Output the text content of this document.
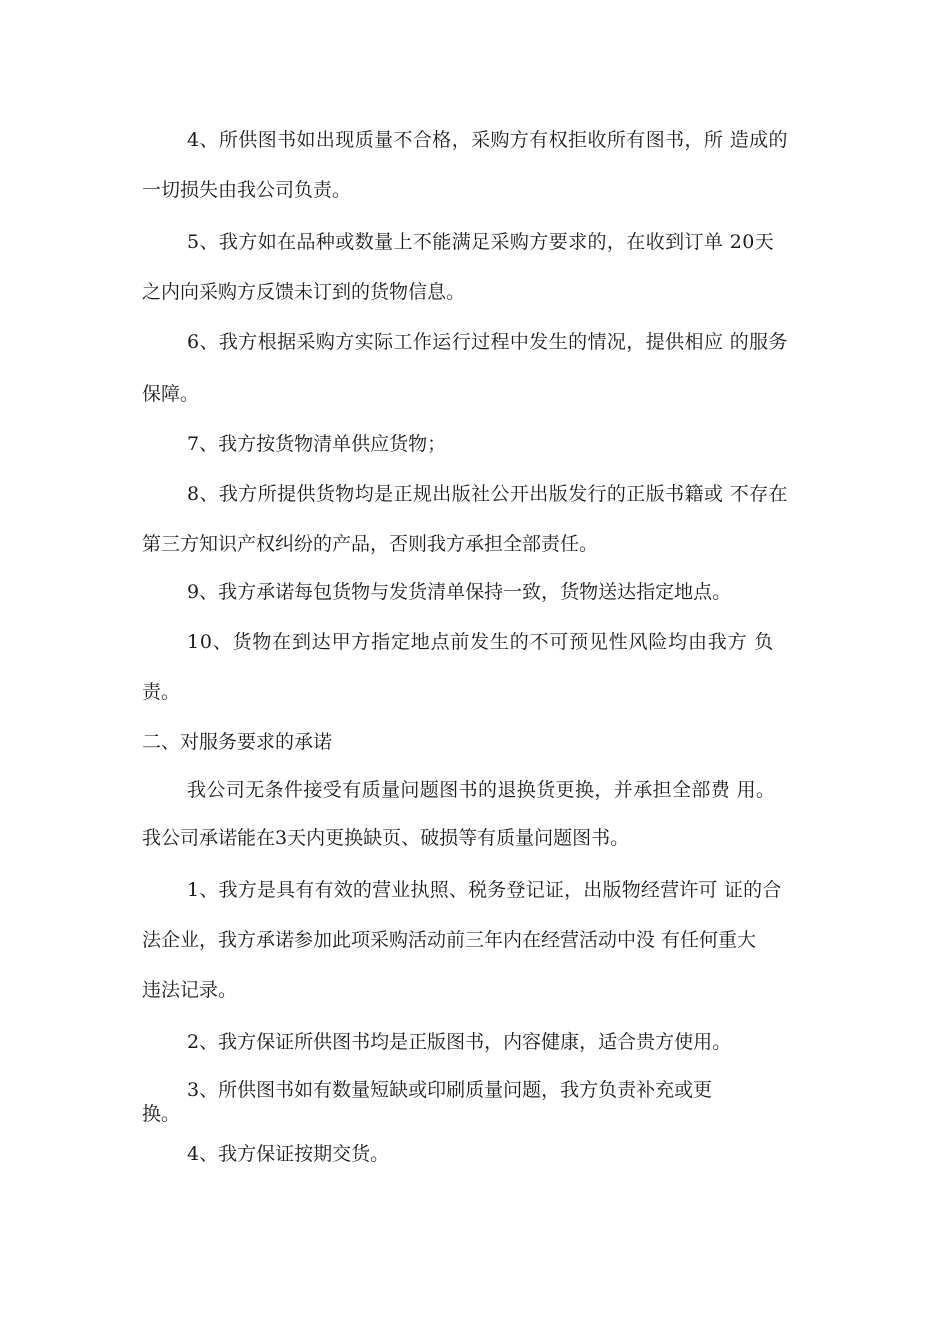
4、所供图书如出现质量不合格，采购方有权拒收所有图书，所 造成的
一切损失由我公司负责。
5、我方如在品种或数量上不能满足采购方要求的，在收到订单 20天
之内向采购方反馈未订到的货物信息。
6、我方根据采购方实际工作运行过程中发生的情况，提供相应 的服务
保障。
7、我方按货物清单供应货物；
8、我方所提供货物均是正规出版社公开出版发行的正版书籍或 不存在
第三方知识产权纠纷的产品，否则我方承担全部责任。
9、我方承诺每包货物与发货清单保持一致，货物送达指定地点。
10、货物在到达甲方指定地点前发生的不可预见性风险均由我方 负
责。
二、对服务要求的承诺
我公司无条件接受有质量问题图书的退换货更换，并承担全部费 用。
我公司承诺能在3天内更换缺页、破损等有质量问题图书。
1、我方是具有有效的营业执照、税务登记证，出版物经营许可 证的合
法企业，我方承诺参加此项采购活动前三年内在经营活动中没 有任何重大
违法记录。
2、我方保证所供图书均是正版图书，内容健康，适合贵方使用。
3、所供图书如有数量短缺或印刷质量问题，我方负责补充或更
换。
4、我方保证按期交货。
